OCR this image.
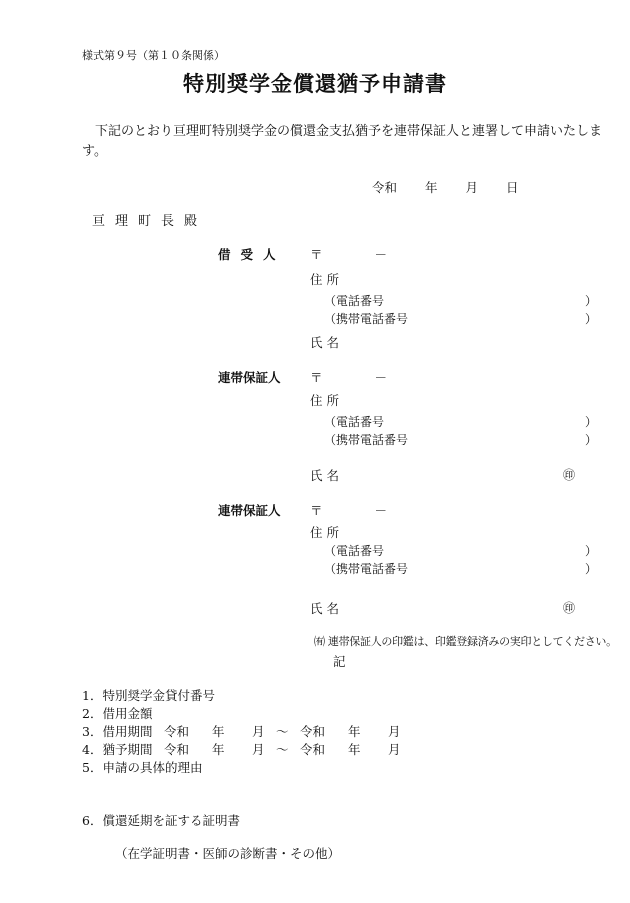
様式第９号（第１０条関係）
特別奨学金償還猶予申請書
下記のとおり亘理町特別奨学金の償還金支払猶予を連帯保証人と連署して申請いたします。
令和 年 月 日
亘理町長殿
借受人 〒	－
住所
（電話番号	）
（携帯電話番号	）
氏名
連帯保証人 〒	－
住所
（電話番号	）
（携帯電話番号	）
氏名	㊞
連帯保証人 〒	－
住所
（電話番号	）
（携帯電話番号	）
氏名	㊞
㈲ 連帯保証人の印鑑は、印鑑登録済みの実印としてください。
記
1．特別奨学金貸付番号
2．借用金額
3．借用期間 令和 年 月 ～ 令和 年 月
4．猶予期間 令和 年 月 ～ 令和 年 月
5．申請の具体的理由
6．償還延期を証する証明書
（在学証明書・医師の診断書・その他）
